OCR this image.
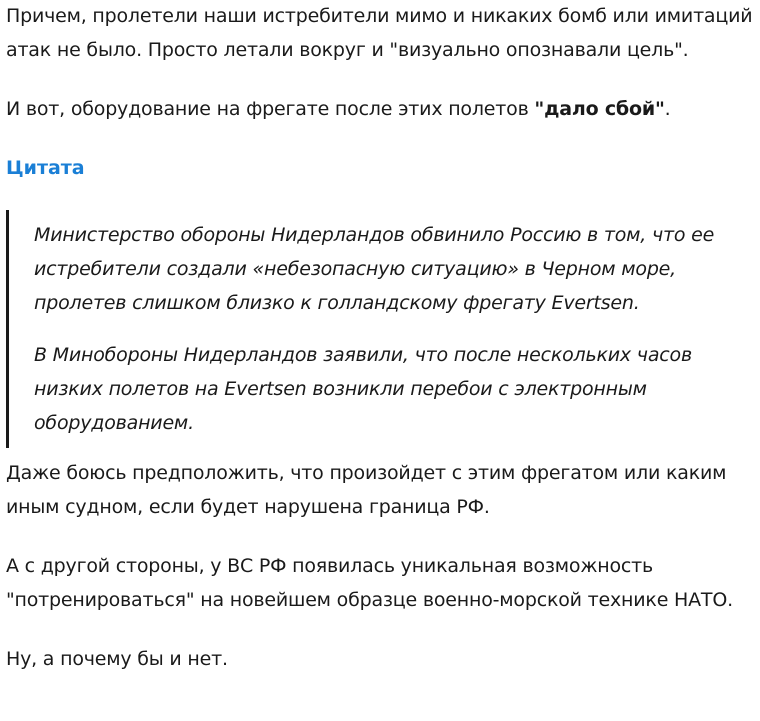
Причем, пролетели наши истребители мимо и никаких бомб или имитаций атак не было. Просто летали вокруг и "визуально опознавали цель".

И вот, оборудование на фрегате после этих полетов "дало сбой".

Цитата

Министерство обороны Нидерландов обвинило Россию в том, что ее истребители создали «небезопасную ситуацию» в Черном море, пролетев слишком близко к голландскому фрегату Evertsen.

В Минобороны Нидерландов заявили, что после нескольких часов низких полетов на Evertsen возникли перебои с электронным оборудованием.

Даже боюсь предположить, что произойдет с этим фрегатом или каким иным судном, если будет нарушена граница РФ.

А с другой стороны, у ВС РФ появилась уникальная возможность "потренироваться" на новейшем образце военно-морской технике НАТО.

Ну, а почему бы и нет.
